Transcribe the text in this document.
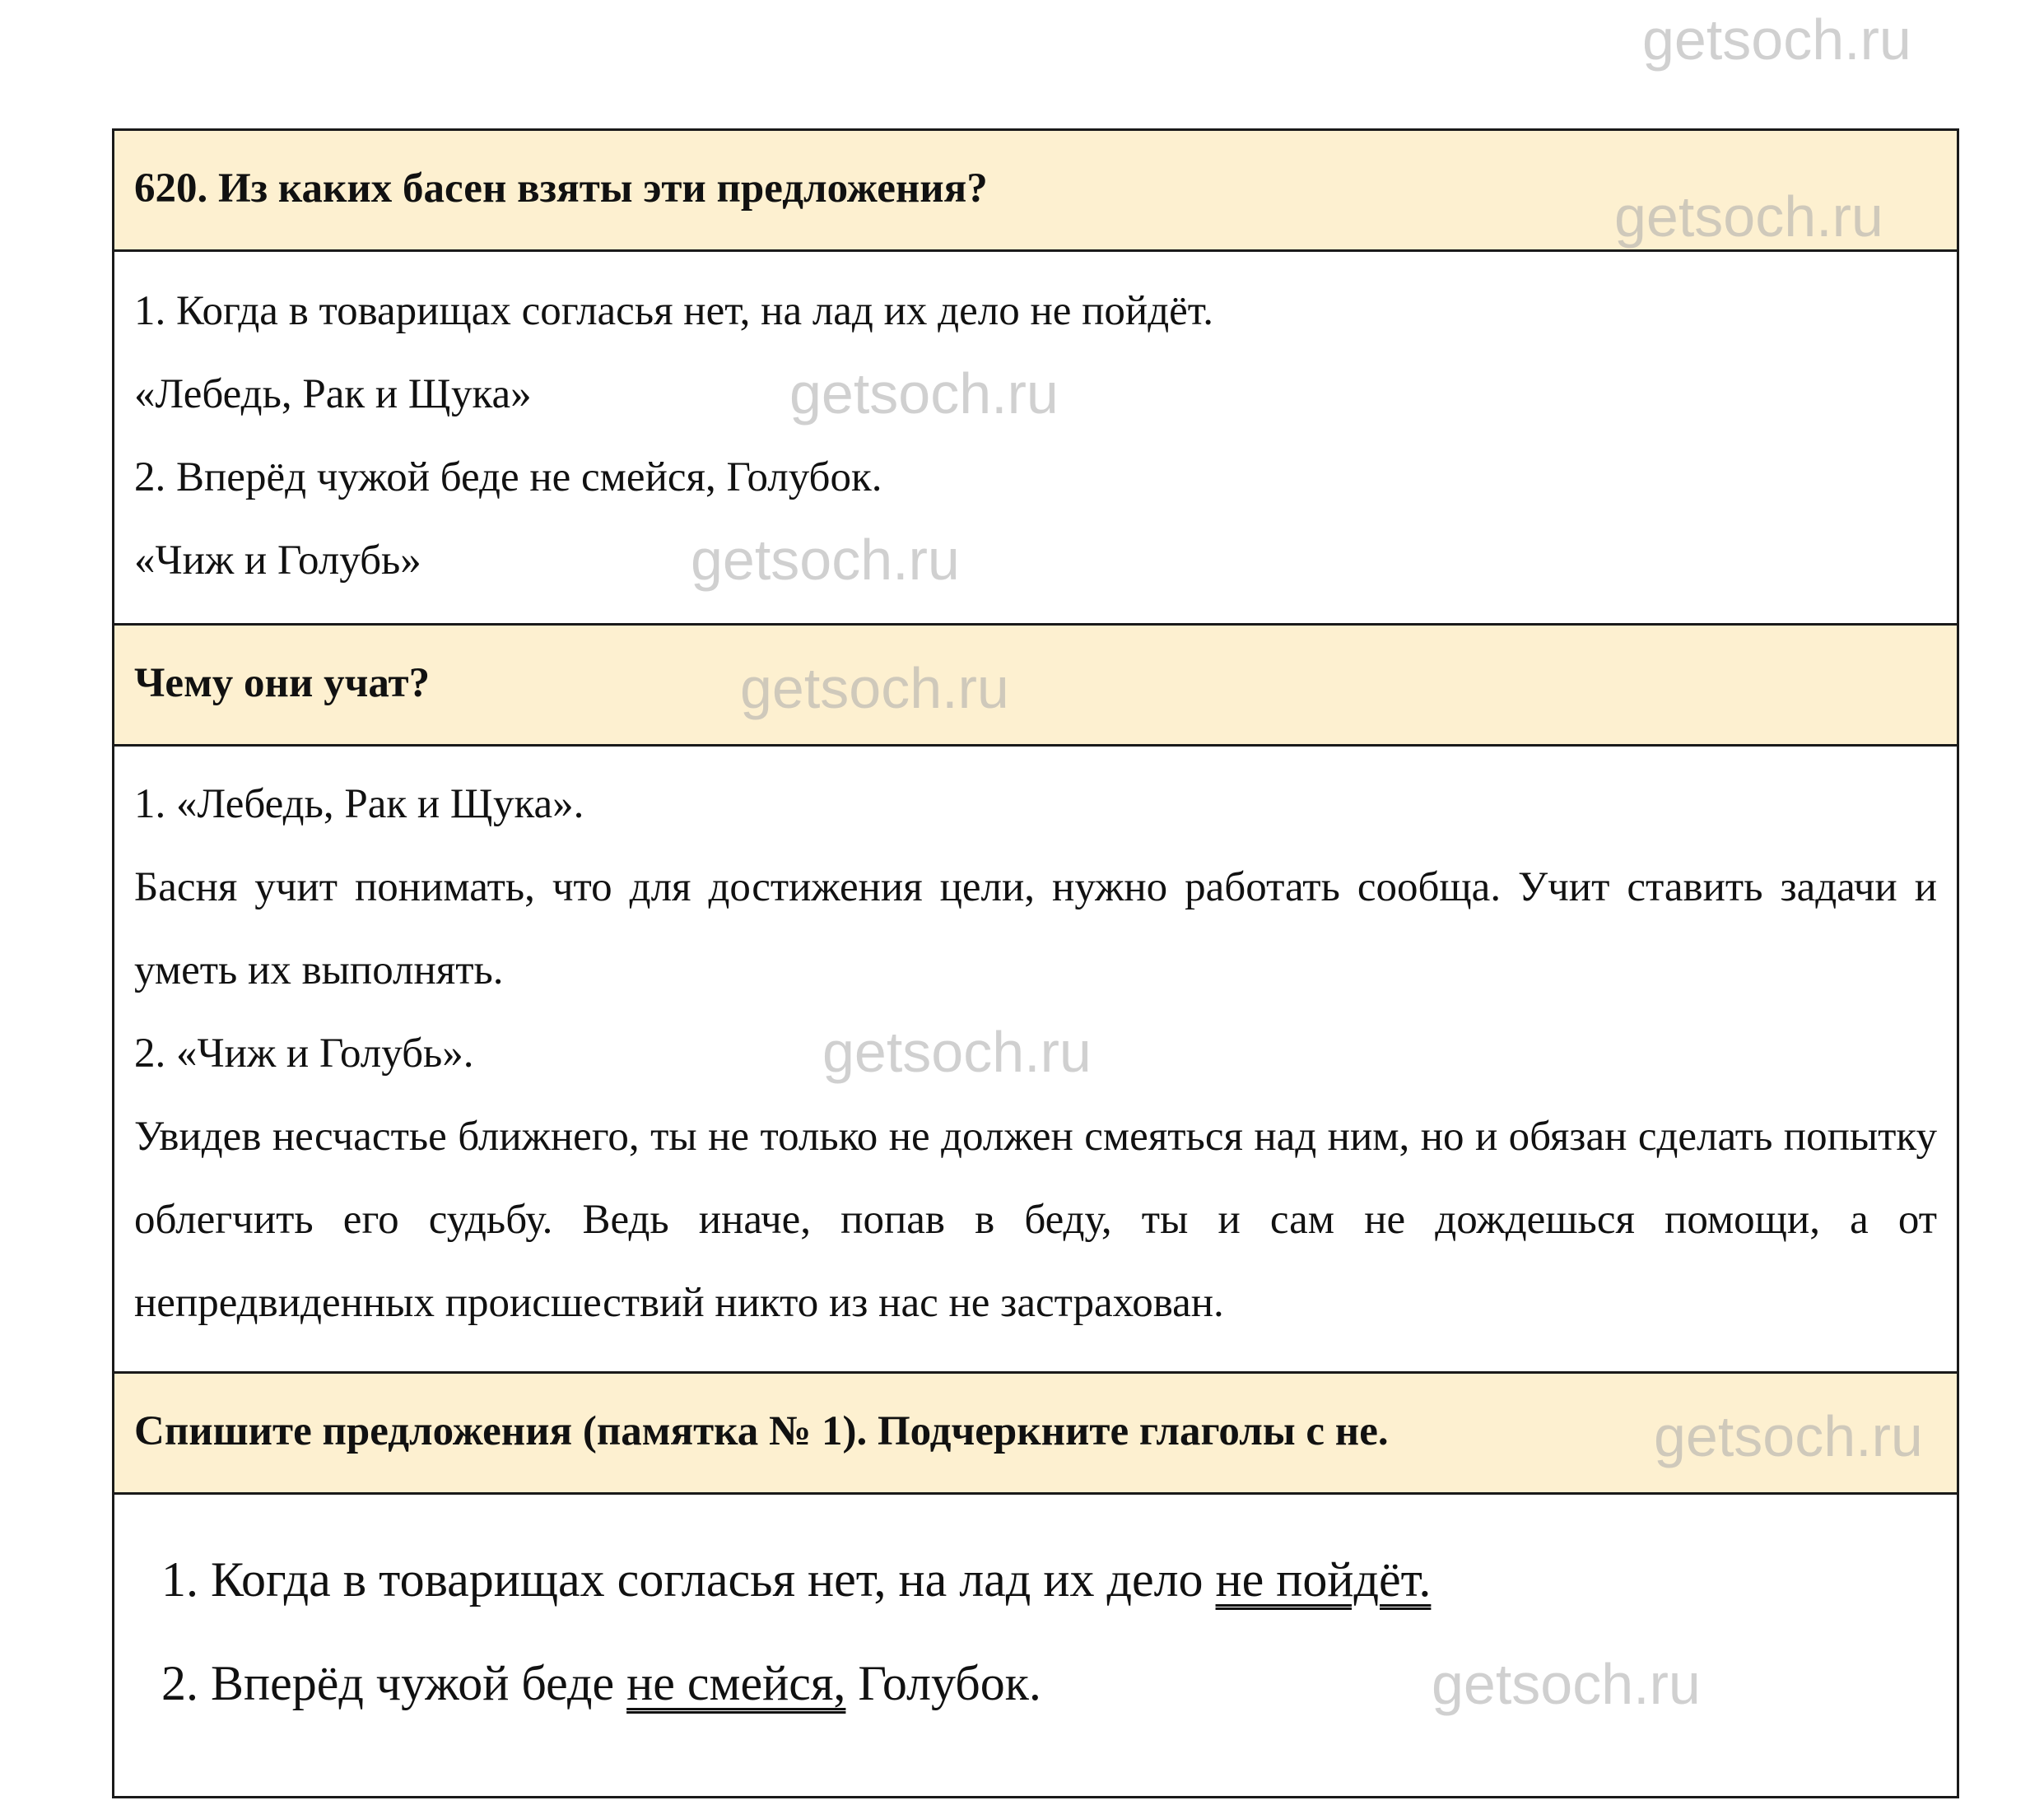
getsoch.ru
620. Из каких басен взяты эти предложения?	getsoch.ru
1. Когда в товарищах согласья нет, на лад их дело не пойдёт.
«Лебедь, Рак и Щука»
2. Вперёд чужой беде не смейся, Голубок.
«Чиж и Голубь»
getsoch.ru
getsoch.ru
Чему они учат?	getsoch.ru
1. «Лебедь, Рак и Щука».
Басня учит понимать, что для достижения цели, нужно работать сообща. Учит ставить задачи и уметь их выполнять.
2. «Чиж и Голубь».
Увидев несчастье ближнего, ты не только не должен смеяться над ним, но и обязан сделать попытку облегчить его судьбу. Ведь иначе, попав в беду, ты и сам не дождешься помощи, а от непредвиденных происшествий никто из нас не застрахован.
getsoch.ru
Спишите предложения (памятка № 1). Подчеркните глаголы с не.	getsoch.ru
1. Когда в товарищах согласья нет, на лад их дело не пойдёт.
2. Вперёд чужой беде не смейся, Голубок.	getsoch.ru
